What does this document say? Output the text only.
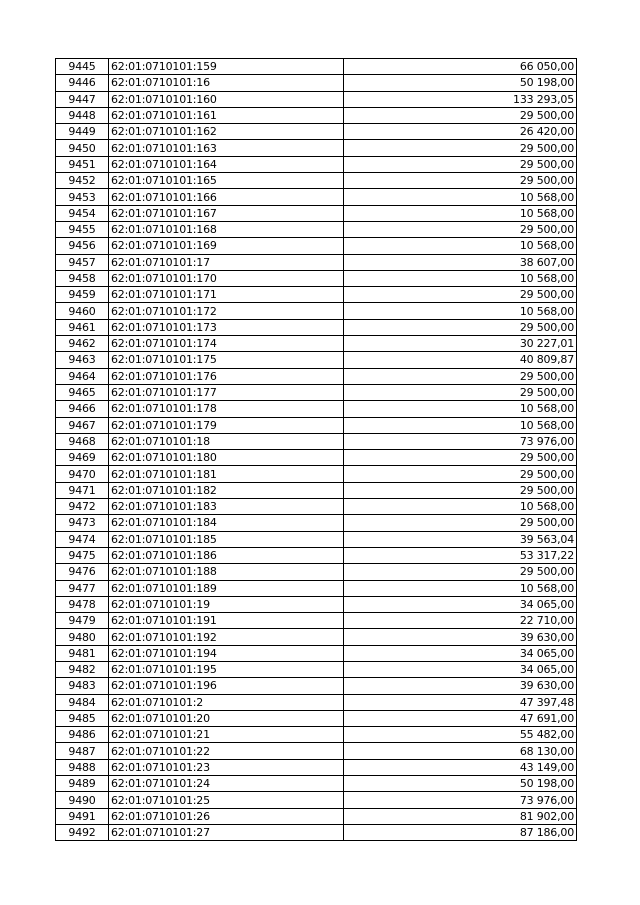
9445	62:01:0710101:159	66 050,00
9446	62:01:0710101:16	50 198,00
9447	62:01:0710101:160	133 293,05
9448	62:01:0710101:161	29 500,00
9449	62:01:0710101:162	26 420,00
9450	62:01:0710101:163	29 500,00
9451	62:01:0710101:164	29 500,00
9452	62:01:0710101:165	29 500,00
9453	62:01:0710101:166	10 568,00
9454	62:01:0710101:167	10 568,00
9455	62:01:0710101:168	29 500,00
9456	62:01:0710101:169	10 568,00
9457	62:01:0710101:17	38 607,00
9458	62:01:0710101:170	10 568,00
9459	62:01:0710101:171	29 500,00
9460	62:01:0710101:172	10 568,00
9461	62:01:0710101:173	29 500,00
9462	62:01:0710101:174	30 227,01
9463	62:01:0710101:175	40 809,87
9464	62:01:0710101:176	29 500,00
9465	62:01:0710101:177	29 500,00
9466	62:01:0710101:178	10 568,00
9467	62:01:0710101:179	10 568,00
9468	62:01:0710101:18	73 976,00
9469	62:01:0710101:180	29 500,00
9470	62:01:0710101:181	29 500,00
9471	62:01:0710101:182	29 500,00
9472	62:01:0710101:183	10 568,00
9473	62:01:0710101:184	29 500,00
9474	62:01:0710101:185	39 563,04
9475	62:01:0710101:186	53 317,22
9476	62:01:0710101:188	29 500,00
9477	62:01:0710101:189	10 568,00
9478	62:01:0710101:19	34 065,00
9479	62:01:0710101:191	22 710,00
9480	62:01:0710101:192	39 630,00
9481	62:01:0710101:194	34 065,00
9482	62:01:0710101:195	34 065,00
9483	62:01:0710101:196	39 630,00
9484	62:01:0710101:2	47 397,48
9485	62:01:0710101:20	47 691,00
9486	62:01:0710101:21	55 482,00
9487	62:01:0710101:22	68 130,00
9488	62:01:0710101:23	43 149,00
9489	62:01:0710101:24	50 198,00
9490	62:01:0710101:25	73 976,00
9491	62:01:0710101:26	81 902,00
9492	62:01:0710101:27	87 186,00
